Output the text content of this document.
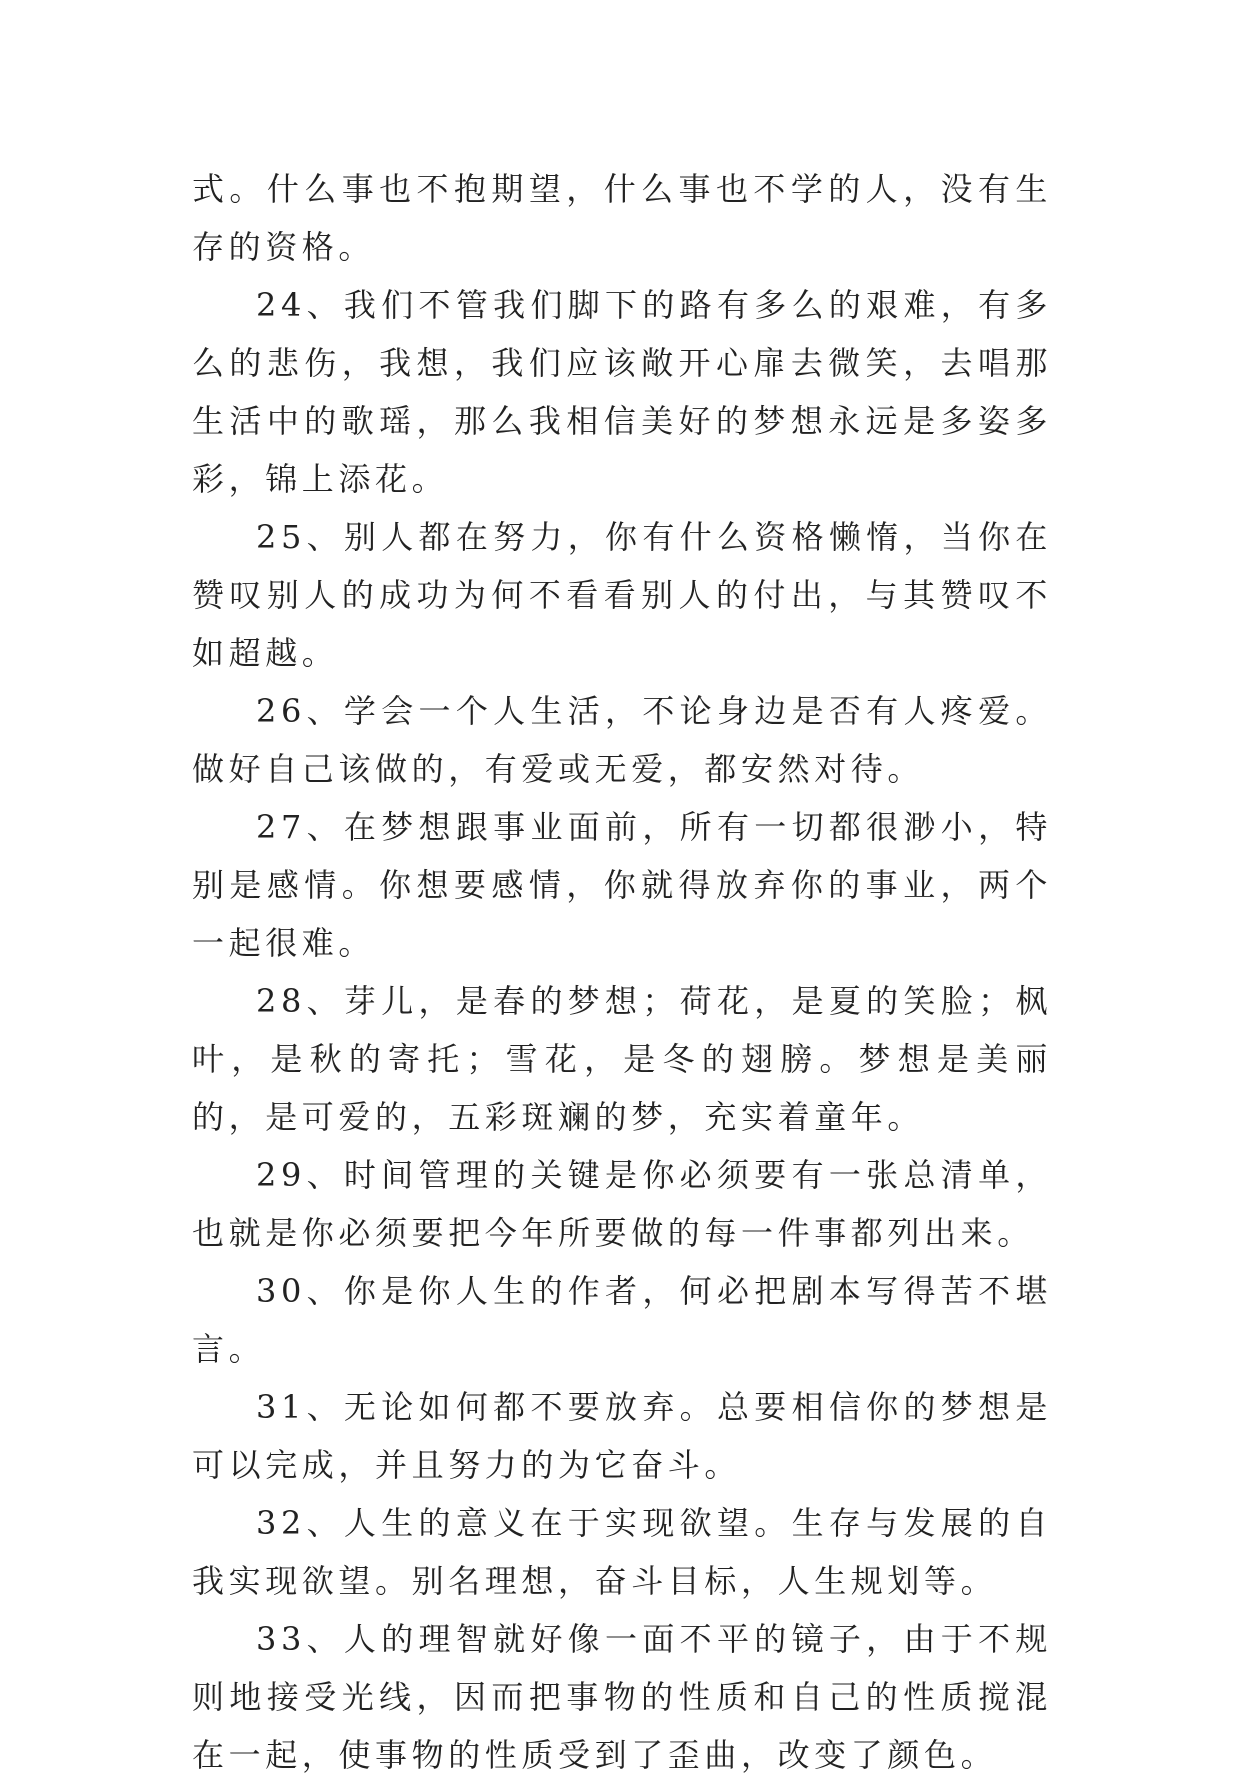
式。什么事也不抱期望，什么事也不学的人，没有生存的资格。

24、我们不管我们脚下的路有多么的艰难，有多么的悲伤，我想，我们应该敞开心扉去微笑，去唱那生活中的歌瑶，那么我相信美好的梦想永远是多姿多彩，锦上添花。

25、别人都在努力，你有什么资格懒惰，当你在赞叹别人的成功为何不看看别人的付出，与其赞叹不如超越。

26、学会一个人生活，不论身边是否有人疼爱。做好自己该做的，有爱或无爱，都安然对待。

27、在梦想跟事业面前，所有一切都很渺小，特别是感情。你想要感情，你就得放弃你的事业，两个一起很难。

28、芽儿，是春的梦想；荷花，是夏的笑脸；枫叶，是秋的寄托；雪花，是冬的翅膀。梦想是美丽的，是可爱的，五彩斑斓的梦，充实着童年。

29、时间管理的关键是你必须要有一张总清单，也就是你必须要把今年所要做的每一件事都列出来。

30、你是你人生的作者，何必把剧本写得苦不堪言。

31、无论如何都不要放弃。总要相信你的梦想是可以完成，并且努力的为它奋斗。

32、人生的意义在于实现欲望。生存与发展的自我实现欲望。别名理想，奋斗目标，人生规划等。

33、人的理智就好像一面不平的镜子，由于不规则地接受光线，因而把事物的性质和自己的性质搅混在一起，使事物的性质受到了歪曲，改变了颜色。
